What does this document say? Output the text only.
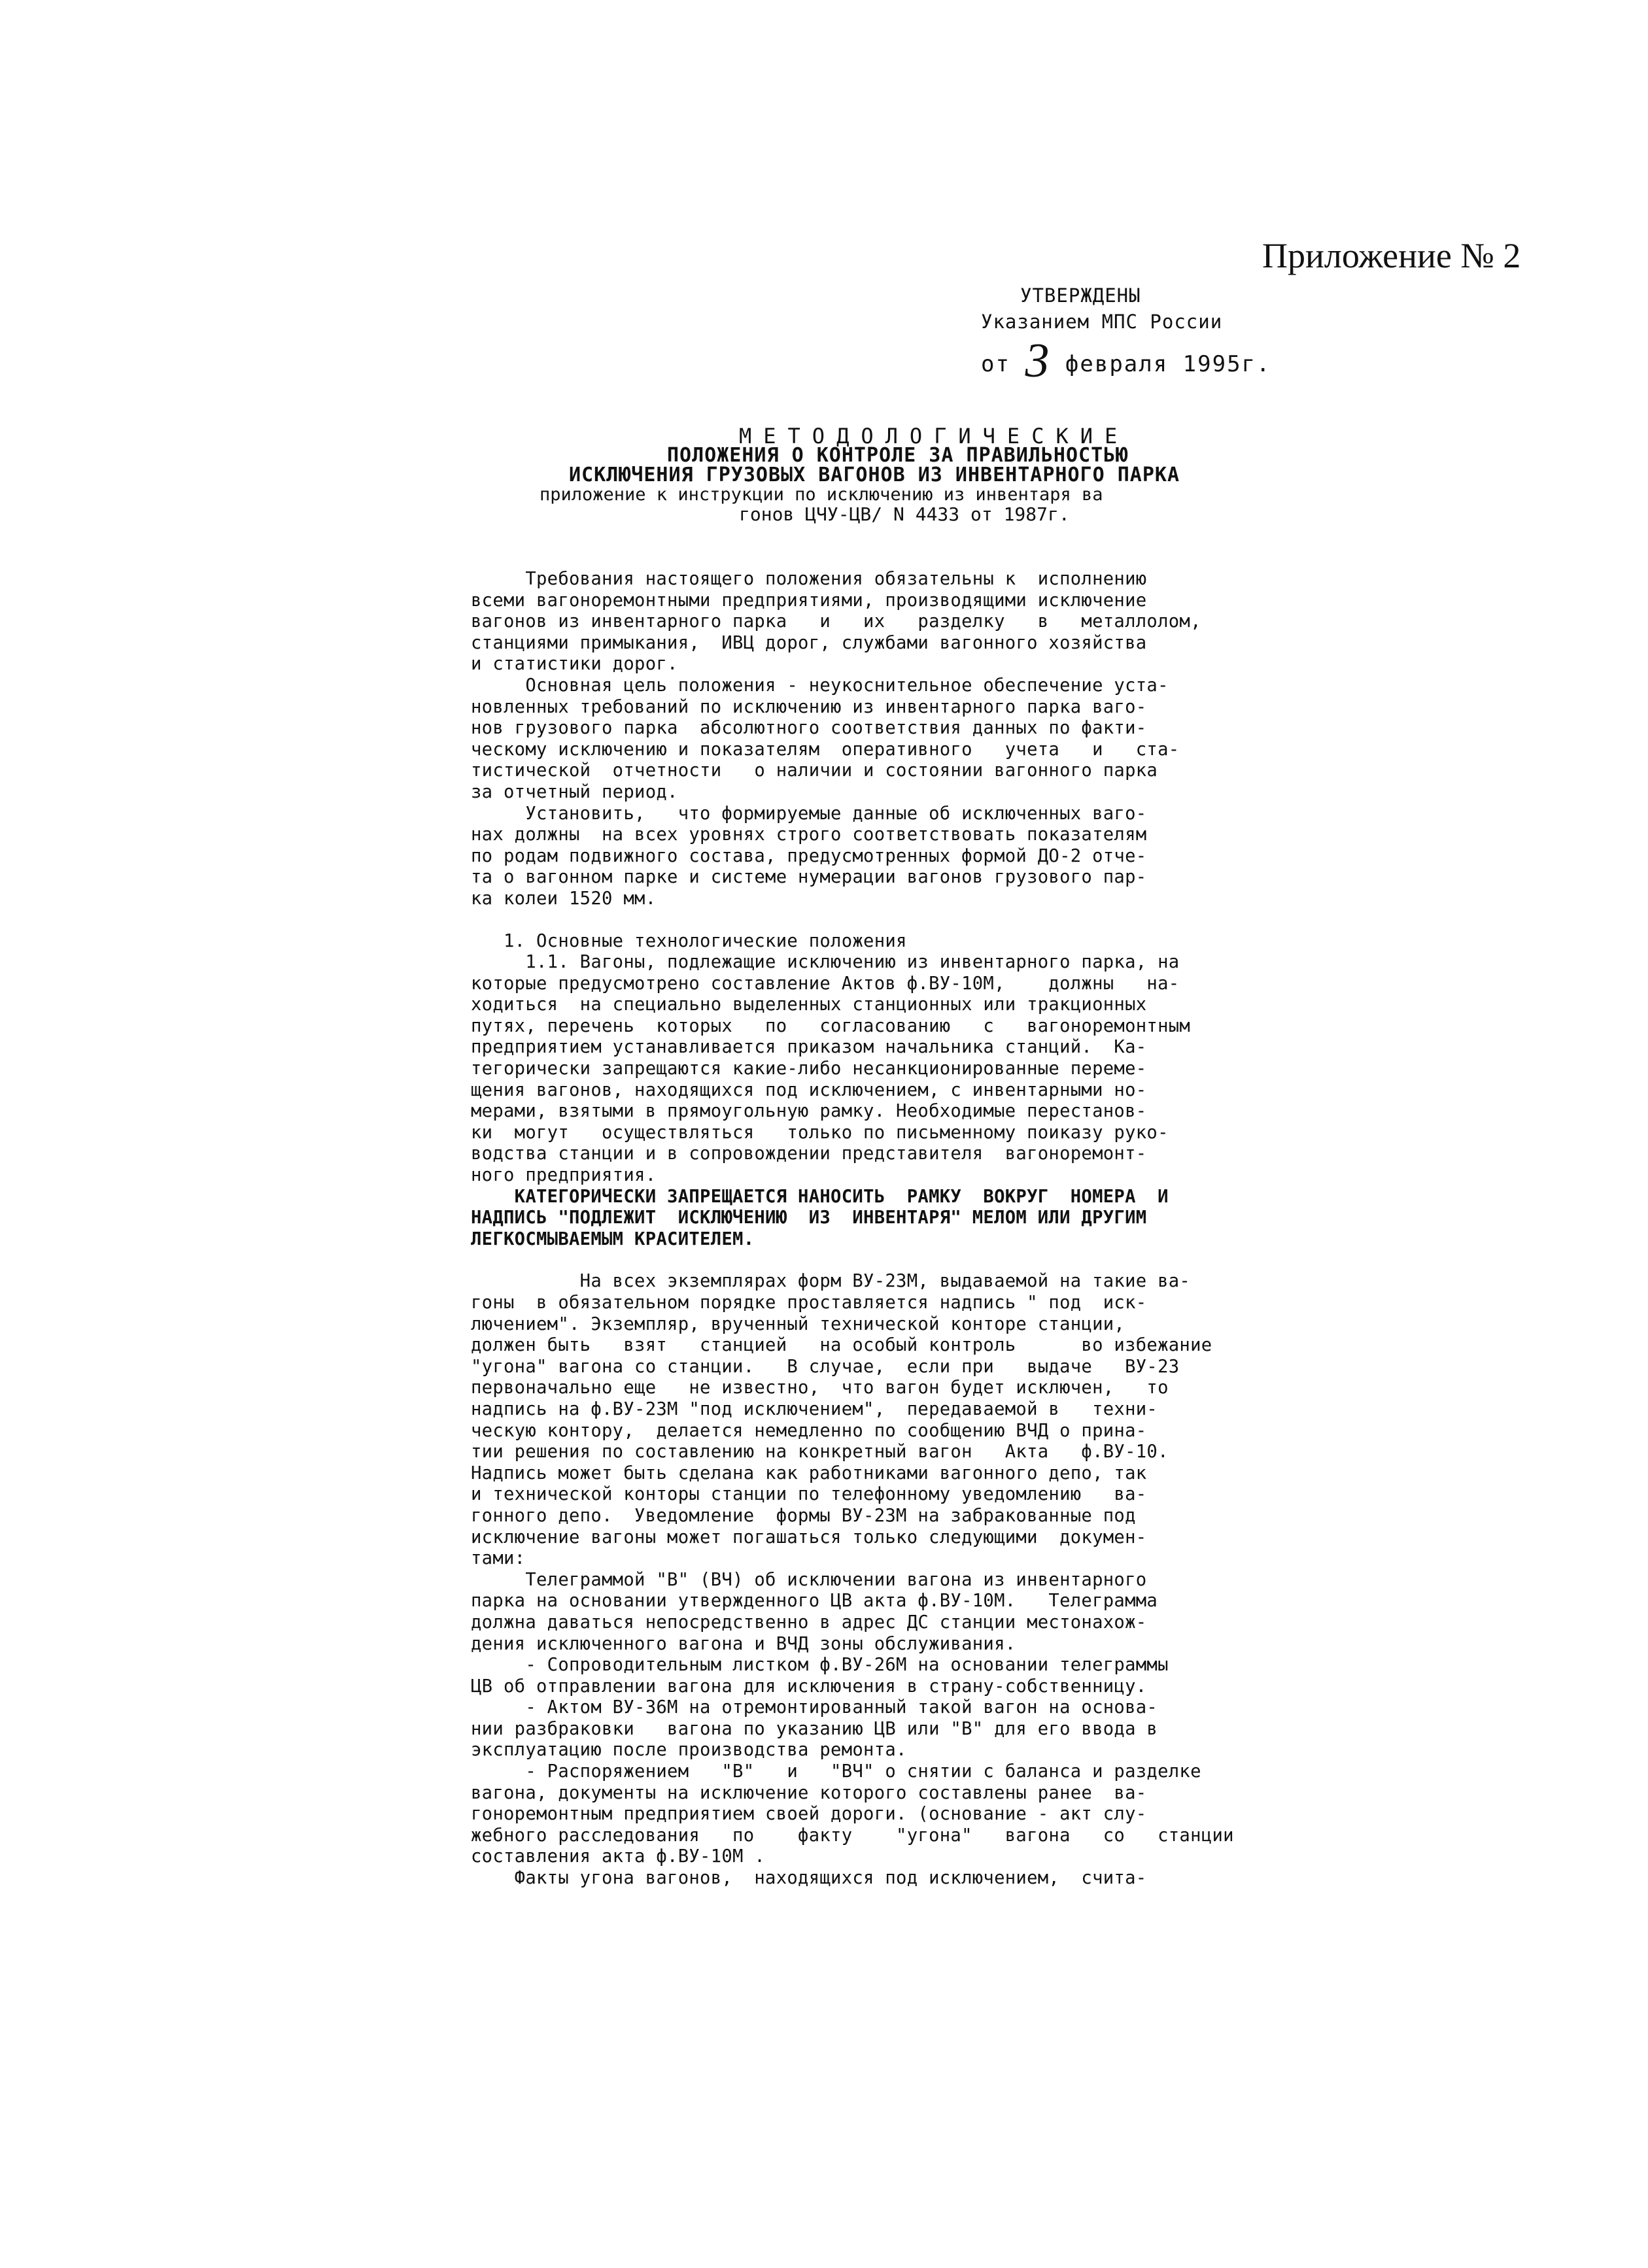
Приложение № 2
УТВЕРЖДЕНЫ
Указанием МПС России
от 3 февраля 1995г.
МЕТОДОЛОГИЧЕСКИЕ
ПОЛОЖЕНИЯ О КОНТРОЛЕ ЗА ПРАВИЛЬНОСТЬЮ
ИСКЛЮЧЕНИЯ ГРУЗОВЫХ ВАГОНОВ ИЗ ИНВЕНТАРНОГО ПАРКА
приложение к инструкции по исключению из инвентаря ва
гонов ЦЧУ-ЦВ/ N 4433 от 1987г.
Требования настоящего положения обязательны к  исполнению
всеми вагоноремонтными предприятиями, производящими исключение
вагонов из инвентарного парка   и   их   разделку   в   металлолом,
станциями примыкания,  ИВЦ дорог, службами вагонного хозяйства
и статистики дорог.
Основная цель положения - неукоснительное обеспечение уста-
новленных требований по исключению из инвентарного парка ваго-
нов грузового парка  абсолютного соответствия данных по факти-
ческому исключению и показателям  оперативного   учета   и   ста-
тистической  отчетности   о наличии и состоянии вагонного парка
за отчетный период.
Установить,   что формируемые данные об исключенных ваго-
нах должны  на всех уровнях строго соответствовать показателям
по родам подвижного состава, предусмотренных формой ДО-2 отче-
та о вагонном парке и системе нумерации вагонов грузового пар-
ка колеи 1520 мм.
1. Основные технологические положения
1.1. Вагоны, подлежащие исключению из инвентарного парка, на
которые предусмотрено составление Актов ф.ВУ-10М,    должны   на-
ходиться  на специально выделенных станционных или тракционных
путях, перечень  которых   по   согласованию   с   вагоноремонтным
предприятием устанавливается приказом начальника станций.  Ка-
тегорически запрещаются какие-либо несанкционированные переме-
щения вагонов, находящихся под исключением, с инвентарными но-
мерами, взятыми в прямоугольную рамку. Необходимые перестанов-
ки  могут   осуществляться   только по письменному поиказу руко-
водства станции и в сопровождении представителя  вагоноремонт-
ного предприятия.
КАТЕГОРИЧЕСКИ ЗАПРЕЩАЕТСЯ НАНОСИТЬ  РАМКУ  ВОКРУГ  НОМЕРА  И
НАДПИСЬ "ПОДЛЕЖИТ  ИСКЛЮЧЕНИЮ  ИЗ  ИНВЕНТАРЯ" МЕЛОМ ИЛИ ДРУГИМ
ЛЕГКОСМЫВАЕМЫМ КРАСИТЕЛЕМ.
На всех экземплярах форм ВУ-23М, выдаваемой на такие ва-
гоны  в обязательном порядке проставляется надпись " под  иск-
лючением". Экземпляр, врученный технической конторе станции,
должен быть   взят   станцией   на особый контроль      во избежание
"угона" вагона со станции.   В случае,  если при   выдаче   ВУ-23
первоначально еще   не известно,  что вагон будет исключен,   то
надпись на ф.ВУ-23М "под исключением",  передаваемой в   техни-
ческую контору,  делается немедленно по сообщению ВЧД о прина-
тии решения по составлению на конкретный вагон   Акта   ф.ВУ-10.
Надпись может быть сделана как работниками вагонного депо, так
и технической конторы станции по телефонному уведомлению   ва-
гонного депо.  Уведомление  формы ВУ-23М на забракованные под
исключение вагоны может погашаться только следующими  докумен-
тами:
Телеграммой "В" (ВЧ) об исключении вагона из инвентарного
парка на основании утвержденного ЦВ акта ф.ВУ-10М.   Телеграмма
должна даваться непосредственно в адрес ДС станции местонахож-
дения исключенного вагона и ВЧД зоны обслуживания.
- Сопроводительным листком ф.ВУ-26М на основании телеграммы
ЦВ об отправлении вагона для исключения в страну-собственницу.
- Актом ВУ-36М на отремонтированный такой вагон на основа-
нии разбраковки   вагона по указанию ЦВ или "В" для его ввода в
эксплуатацию после производства ремонта.
- Распоряжением   "В"   и   "ВЧ" о снятии с баланса и разделке
вагона, документы на исключение которого составлены ранее  ва-
гоноремонтным предприятием своей дороги. (основание - акт слу-
жебного расследования   по    факту    "угона"   вагона   со   станции
составления акта ф.ВУ-10М .
Факты угона вагонов,  находящихся под исключением,  счита-
